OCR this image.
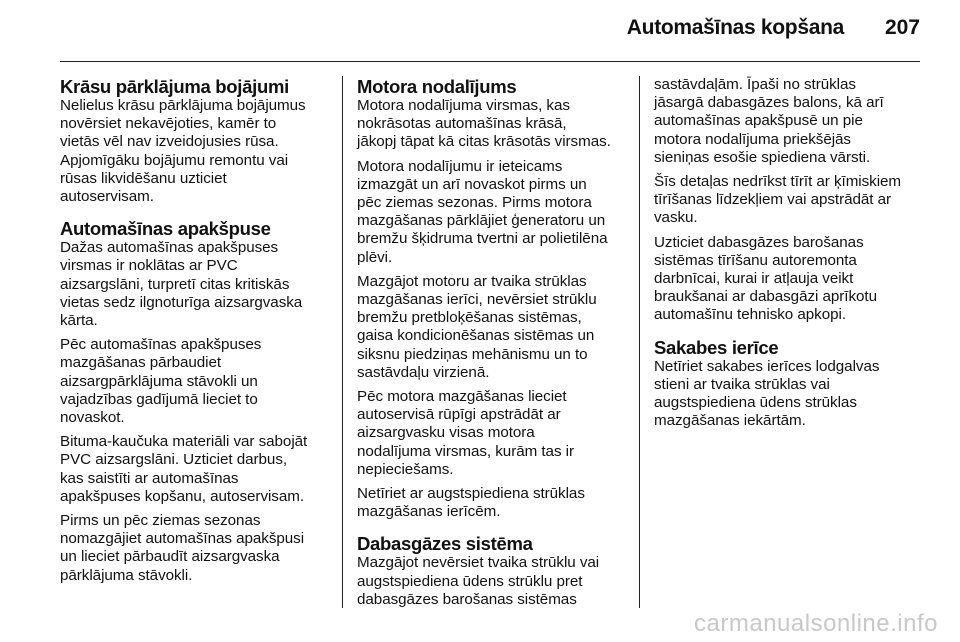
Automašīnas kopšana 207
Krāsu pārklājuma bojājumi

Nelielus krāsu pārklājuma bojājumus
novērsiet nekavējoties, kamēr to
vietās vēl nav izveidojusies rūsa.
Apjomīgāku bojājumu remontu vai
rūsas likvidēšanu uzticiet
autoservisam.

Automašīnas apakšpuse

Dažas automašīnas apakšpuses
virsmas ir noklātas ar PVC
aizsargslāni, turpretī citas kritiskās
vietas sedz ilgnoturīga aizsargvaska
kārta.

Pēc automašīnas apakšpuses
mazgāšanas pārbaudiet
aizsargpārklājuma stāvokli un
vajadzības gadījumā lieciet to
novaskot.

Bituma-kaučuka materiāli var sabojāt
PVC aizsargslāni. Uzticiet darbus,
kas saistīti ar automašīnas
apakšpuses kopšanu, autoservisam.

Pirms un pēc ziemas sezonas
nomazgājiet automašīnas apakšpusi
un lieciet pārbaudīt aizsargvaska
pārklājuma stāvokli.

Motora nodalījums

Motora nodalījuma virsmas, kas
nokrāsotas automašīnas krāsā,
jākopj tāpat kā citas krāsotās virsmas.

Motora nodalījumu ir ieteicams
izmazgāt un arī novaskot pirms un
pēc ziemas sezonas. Pirms motora
mazgāšanas pārklājiet ģeneratoru un
bremžu šķidruma tvertni ar polietilēna
plēvi.

Mazgājot motoru ar tvaika strūklas
mazgāšanas ierīci, nevērsiet strūklu
bremžu pretbloķēšanas sistēmas,
gaisa kondicionēšanas sistēmas un
siksnu piedziņas mehānismu un to
sastāvdaļu virzienā.

Pēc motora mazgāšanas lieciet
autoservisā rūpīgi apstrādāt ar
aizsargvasku visas motora
nodalījuma virsmas, kurām tas ir
nepieciešams.

Netīriet ar augstspiediena strūklas
mazgāšanas ierīcēm.

Dabasgāzes sistēma

Mazgājot nevērsiet tvaika strūklu vai
augstspiediena ūdens strūklu pret
dabasgāzes barošanas sistēmas

sastāvdaļām. Īpaši no strūklas
jāsargā dabasgāzes balons, kā arī
automašīnas apakšpusē un pie
motora nodalījuma priekšējās
sieniņas esošie spiediena vārsti.

Šīs detaļas nedrīkst tīrīt ar ķīmiskiem
tīrīšanas līdzekļiem vai apstrādāt ar
vasku.

Uzticiet dabasgāzes barošanas
sistēmas tīrīšanu autoremonta
darbnīcai, kurai ir atļauja veikt
braukšanai ar dabasgāzi aprīkotu
automašīnu tehnisko apkopi.

Sakabes ierīce

Netīriet sakabes ierīces lodgalvas
stieni ar tvaika strūklas vai
augstspiediena ūdens strūklas
mazgāšanas iekārtām.

carmanualsonline.info
